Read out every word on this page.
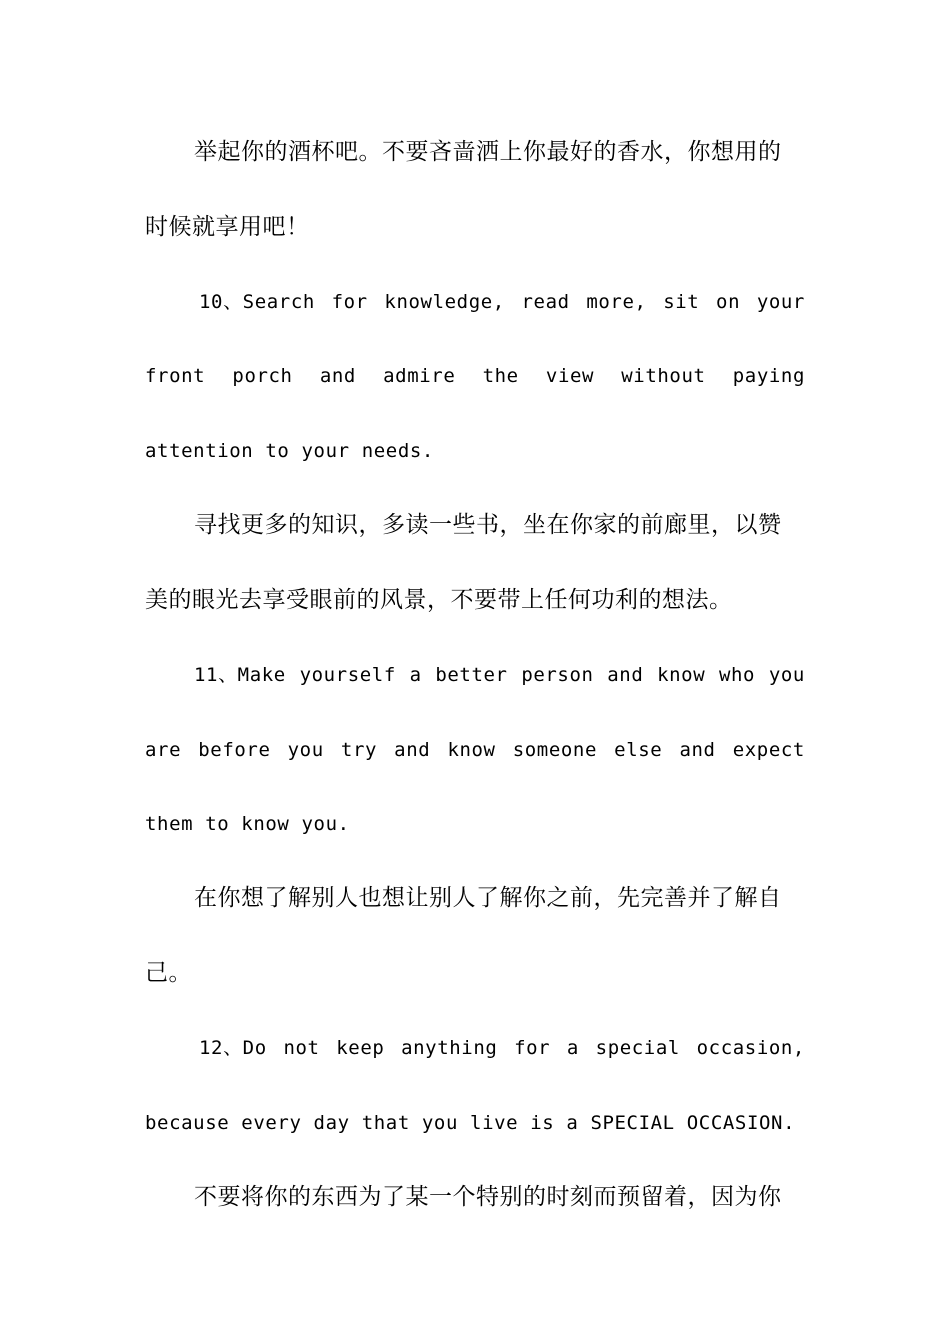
举起你的酒杯吧。不要吝啬洒上你最好的香水，你想用的
时候就享用吧！
10、Search for knowledge, read more, sit on your
front porch and admire the view without paying
attention to your needs.
寻找更多的知识，多读一些书，坐在你家的前廊里，以赞
美的眼光去享受眼前的风景，不要带上任何功利的想法。
11、Make yourself a better person and know who you
are before you try and know someone else and expect
them to know you.
在你想了解别人也想让别人了解你之前，先完善并了解自
己。
12、Do not keep anything for a special occasion,
because every day that you live is a SPECIAL OCCASION.
不要将你的东西为了某一个特别的时刻而预留着，因为你
